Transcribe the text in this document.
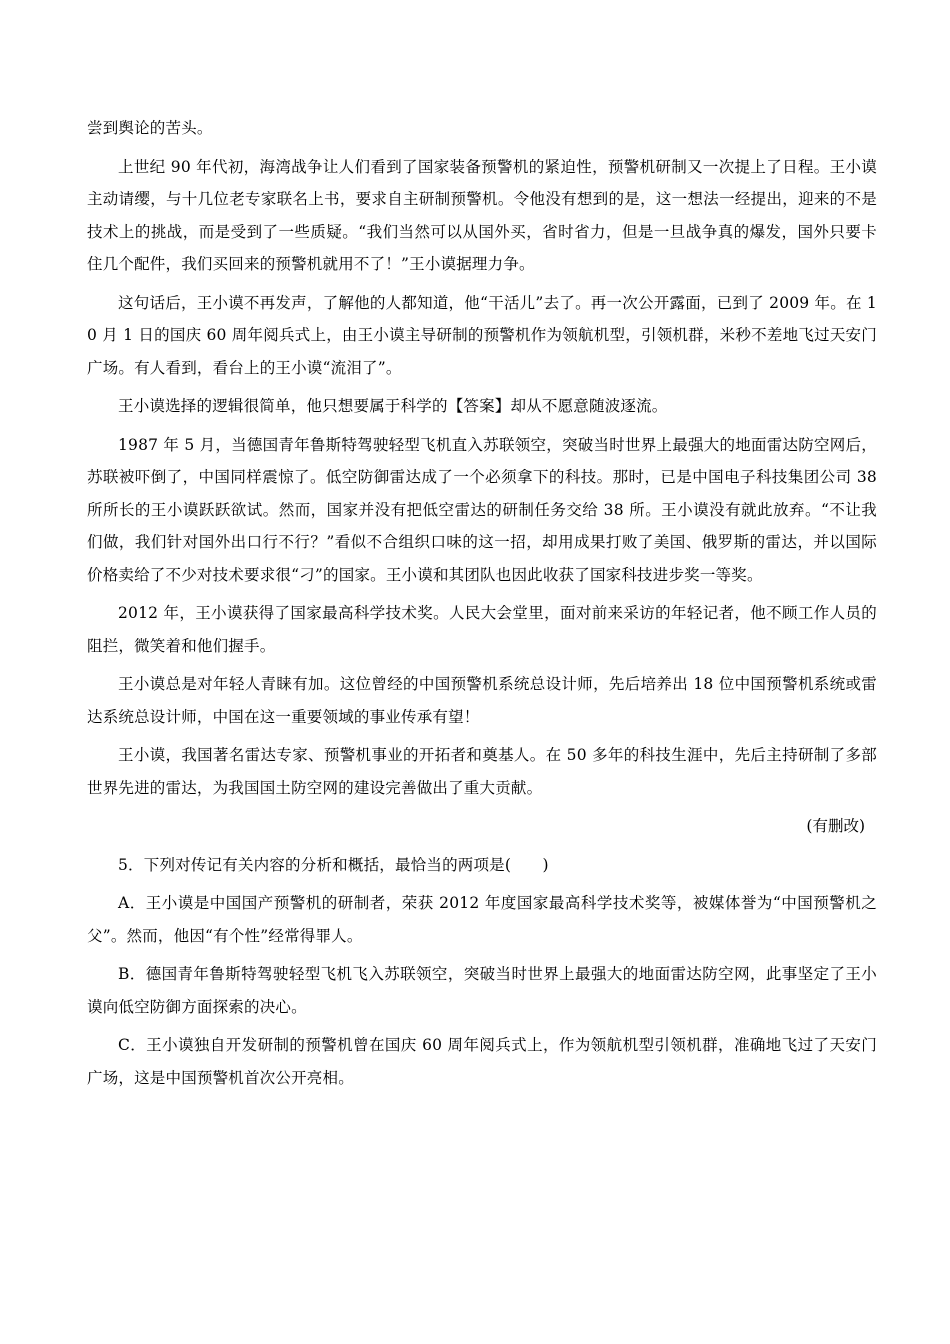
尝到舆论的苦头。

上世纪 90 年代初，海湾战争让人们看到了国家装备预警机的紧迫性，预警机研制又一次提上了日程。王小谟主动请缨，与十几位老专家联名上书，要求自主研制预警机。令他没有想到的是，这一想法一经提出，迎来的不是技术上的挑战，而是受到了一些质疑。“我们当然可以从国外买，省时省力，但是一旦战争真的爆发，国外只要卡住几个配件，我们买回来的预警机就用不了！”王小谟据理力争。

这句话后，王小谟不再发声，了解他的人都知道，他“干活儿”去了。再一次公开露面，已到了 2009 年。在 10 月 1 日的国庆 60 周年阅兵式上，由王小谟主导研制的预警机作为领航机型，引领机群，米秒不差地飞过天安门广场。有人看到，看台上的王小谟“流泪了”。

王小谟选择的逻辑很简单，他只想要属于科学的【答案】却从不愿意随波逐流。

1987 年 5 月，当德国青年鲁斯特驾驶轻型飞机直入苏联领空，突破当时世界上最强大的地面雷达防空网后，苏联被吓倒了，中国同样震惊了。低空防御雷达成了一个必须拿下的科技。那时，已是中国电子科技集团公司 38 所所长的王小谟跃跃欲试。然而，国家并没有把低空雷达的研制任务交给 38 所。王小谟没有就此放弃。“不让我们做，我们针对国外出口行不行？”看似不合组织口味的这一招，却用成果打败了美国、俄罗斯的雷达，并以国际价格卖给了不少对技术要求很“刁”的国家。王小谟和其团队也因此收获了国家科技进步奖一等奖。

2012 年，王小谟获得了国家最高科学技术奖。人民大会堂里，面对前来采访的年轻记者，他不顾工作人员的阻拦，微笑着和他们握手。

王小谟总是对年轻人青睐有加。这位曾经的中国预警机系统总设计师，先后培养出 18 位中国预警机系统或雷达系统总设计师，中国在这一重要领域的事业传承有望！

王小谟，我国著名雷达专家、预警机事业的开拓者和奠基人。在 50 多年的科技生涯中，先后主持研制了多部世界先进的雷达，为我国国土防空网的建设完善做出了重大贡献。

(有删改)

5．下列对传记有关内容的分析和概括，最恰当的两项是(　　)

A．王小谟是中国国产预警机的研制者，荣获 2012 年度国家最高科学技术奖等，被媒体誉为“中国预警机之父”。然而，他因“有个性”经常得罪人。

B．德国青年鲁斯特驾驶轻型飞机飞入苏联领空，突破当时世界上最强大的地面雷达防空网，此事坚定了王小谟向低空防御方面探索的决心。

C．王小谟独自开发研制的预警机曾在国庆 60 周年阅兵式上，作为领航机型引领机群，准确地飞过了天安门广场，这是中国预警机首次公开亮相。
